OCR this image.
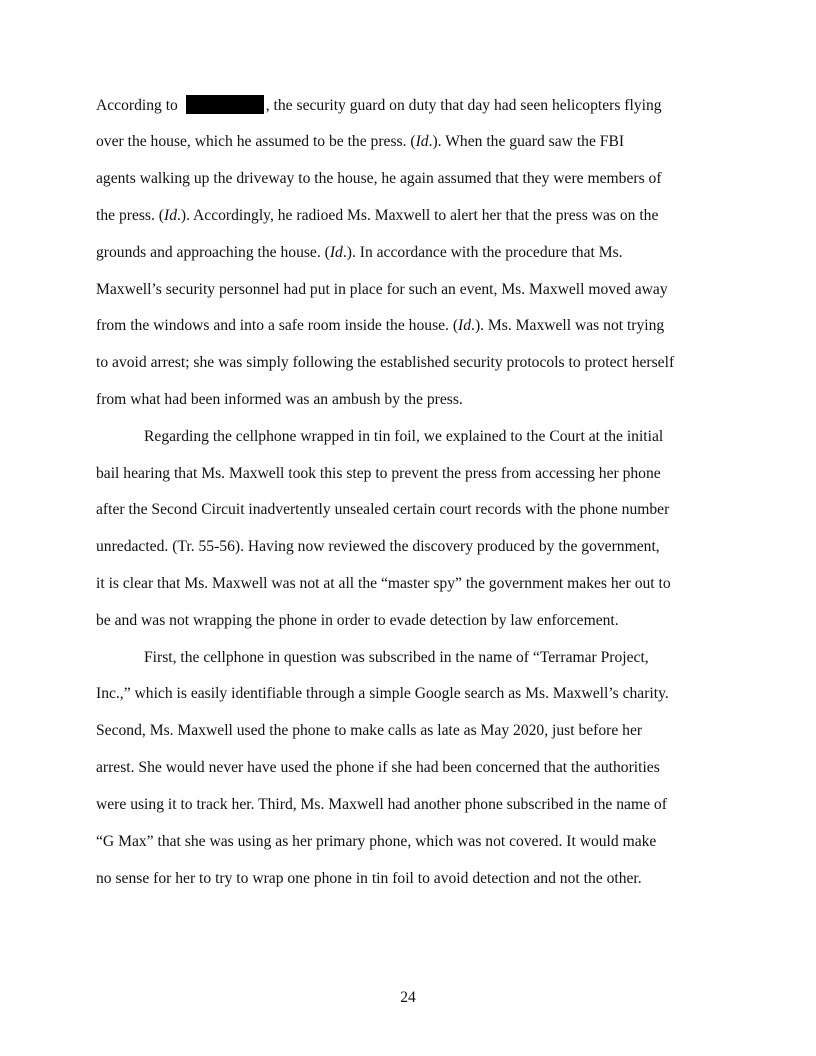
According to	, the security guard on duty that day had seen helicopters flying
over the house, which he assumed to be the press. (Id.). When the guard saw the FBI
agents walking up the driveway to the house, he again assumed that they were members of
the press. (Id.). Accordingly, he radioed Ms. Maxwell to alert her that the press was on the
grounds and approaching the house. (Id.). In accordance with the procedure that Ms.
Maxwell’s security personnel had put in place for such an event, Ms. Maxwell moved away
from the windows and into a safe room inside the house. (Id.). Ms. Maxwell was not trying
to avoid arrest; she was simply following the established security protocols to protect herself
from what had been informed was an ambush by the press.
Regarding the cellphone wrapped in tin foil, we explained to the Court at the initial
bail hearing that Ms. Maxwell took this step to prevent the press from accessing her phone
after the Second Circuit inadvertently unsealed certain court records with the phone number
unredacted. (Tr. 55-56). Having now reviewed the discovery produced by the government,
it is clear that Ms. Maxwell was not at all the “master spy” the government makes her out to
be and was not wrapping the phone in order to evade detection by law enforcement.
First, the cellphone in question was subscribed in the name of “Terramar Project,
Inc.,” which is easily identifiable through a simple Google search as Ms. Maxwell’s charity.
Second, Ms. Maxwell used the phone to make calls as late as May 2020, just before her
arrest. She would never have used the phone if she had been concerned that the authorities
were using it to track her. Third, Ms. Maxwell had another phone subscribed in the name of
“G Max” that she was using as her primary phone, which was not covered. It would make
no sense for her to try to wrap one phone in tin foil to avoid detection and not the other.
24
